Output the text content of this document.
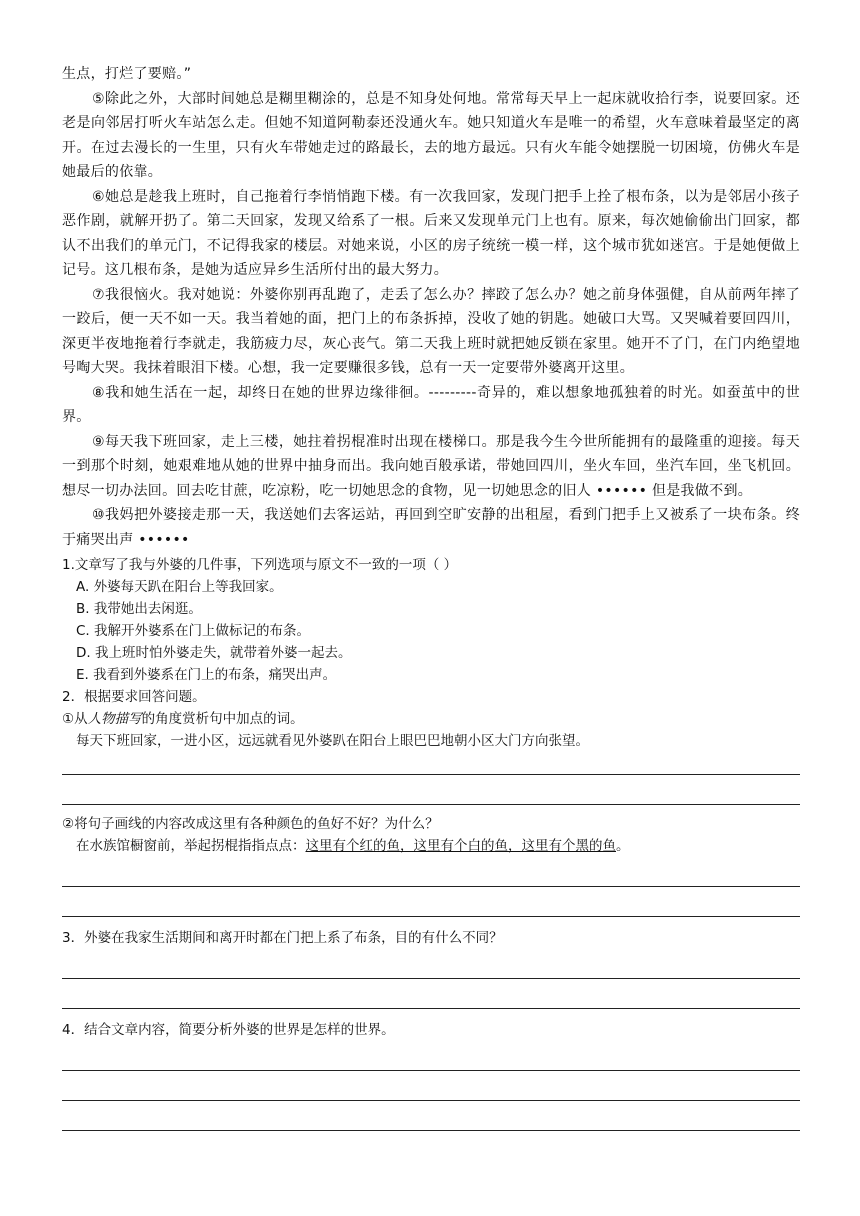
生点，打烂了要赔。”

⑤除此之外，大部时间她总是糊里糊涂的，总是不知身处何地。常常每天早上一起床就收拾行李，说要回家。还老是向邻居打听火车站怎么走。但她不知道阿勒泰还没通火车。她只知道火车是唯一的希望，火车意味着最坚定的离开。在过去漫长的一生里，只有火车带她走过的路最长，去的地方最远。只有火车能令她摆脱一切困境，仿佛火车是她最后的依靠。

⑥她总是趁我上班时，自己拖着行李悄悄跑下楼。有一次我回家，发现门把手上拴了根布条，以为是邻居小孩子恶作剧，就解开扔了。第二天回家，发现又给系了一根。后来又发现单元门上也有。原来，每次她偷偷出门回家，都认不出我们的单元门，不记得我家的楼层。对她来说，小区的房子统统一模一样，这个城市犹如迷宫。于是她便做上记号。这几根布条，是她为适应异乡生活所付出的最大努力。

⑦我很恼火。我对她说：外婆你别再乱跑了，走丢了怎么办？摔跤了怎么办？她之前身体强健，自从前两年摔了一跤后，便一天不如一天。我当着她的面，把门上的布条拆掉，没收了她的钥匙。她破口大骂。又哭喊着要回四川，深更半夜地拖着行李就走，我筋疲力尽，灰心丧气。第二天我上班时就把她反锁在家里。她开不了门，在门内绝望地号啕大哭。我抹着眼泪下楼。心想，我一定要赚很多钱，总有一天一定要带外婆离开这里。

⑧我和她生活在一起，却终日在她的世界边缘徘徊。---------奇异的，难以想象地孤独着的时光。如蚕茧中的世界。

⑨每天我下班回家，走上三楼，她拄着拐棍准时出现在楼梯口。那是我今生今世所能拥有的最隆重的迎接。每天一到那个时刻，她艰难地从她的世界中抽身而出。我向她百般承诺，带她回四川，坐火车回，坐汽车回，坐飞机回。想尽一切办法回。回去吃甘蔗，吃凉粉，吃一切她思念的食物，见一切她思念的旧人 •••••• 但是我做不到。

⑩我妈把外婆接走那一天，我送她们去客运站，再回到空旷安静的出租屋，看到门把手上又被系了一块布条。终于痛哭出声 ••••••

1.文章写了我与外婆的几件事，下列选项与原文不一致的一项（ ）

A. 外婆每天趴在阳台上等我回家。

B. 我带她出去闲逛。

C. 我解开外婆系在门上做标记的布条。

D. 我上班时怕外婆走失，就带着外婆一起去。

E. 我看到外婆系在门上的布条，痛哭出声。

2．根据要求回答问题。

①从人物描写的角度赏析句中加点的词。

每天下班回家，一进小区，远远就看见外婆趴在阳台上眼巴巴地朝小区大门方向张望。

②将句子画线的内容改成这里有各种颜色的鱼好不好？为什么？

在水族馆橱窗前，举起拐棍指指点点：这里有个红的鱼，这里有个白的鱼，这里有个黑的鱼。

3．外婆在我家生活期间和离开时都在门把上系了布条，目的有什么不同？

4．结合文章内容，简要分析外婆的世界是怎样的世界。
